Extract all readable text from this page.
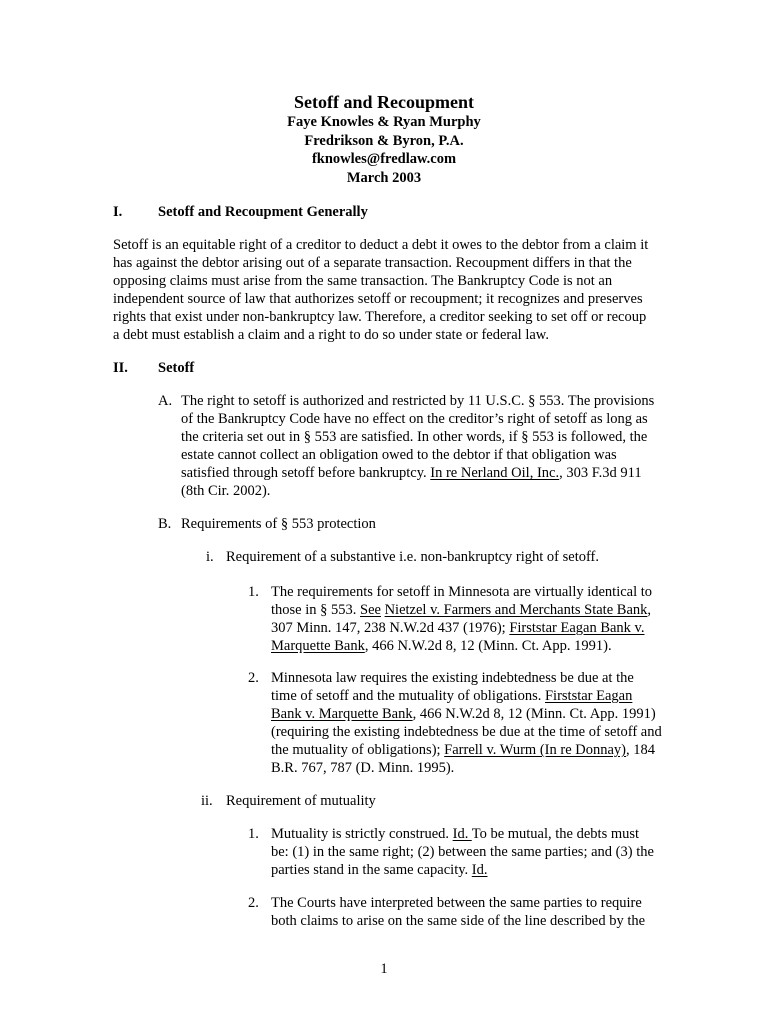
Setoff and Recoupment
Faye Knowles & Ryan Murphy
Fredrikson & Byron, P.A.
fknowles@fredlaw.com
March 2003
I. Setoff and Recoupment Generally
Setoff is an equitable right of a creditor to deduct a debt it owes to the debtor from a claim it
has against the debtor arising out of a separate transaction. Recoupment differs in that the
opposing claims must arise from the same transaction. The Bankruptcy Code is not an
independent source of law that authorizes setoff or recoupment; it recognizes and preserves
rights that exist under non-bankruptcy law. Therefore, a creditor seeking to set off or recoup
a debt must establish a claim and a right to do so under state or federal law.
II. Setoff
A. The right to setoff is authorized and restricted by 11 U.S.C. § 553. The provisions
of the Bankruptcy Code have no effect on the creditor’s right of setoff as long as
the criteria set out in § 553 are satisfied. In other words, if § 553 is followed, the
estate cannot collect an obligation owed to the debtor if that obligation was
satisfied through setoff before bankruptcy. In re Nerland Oil, Inc., 303 F.3d 911
(8th Cir. 2002).
B. Requirements of § 553 protection
i. Requirement of a substantive i.e. non-bankruptcy right of setoff.
1. The requirements for setoff in Minnesota are virtually identical to
those in § 553. See Nietzel v. Farmers and Merchants State Bank,
307 Minn. 147, 238 N.W.2d 437 (1976); Firststar Eagan Bank v.
Marquette Bank, 466 N.W.2d 8, 12 (Minn. Ct. App. 1991).
2. Minnesota law requires the existing indebtedness be due at the
time of setoff and the mutuality of obligations. Firststar Eagan
Bank v. Marquette Bank, 466 N.W.2d 8, 12 (Minn. Ct. App. 1991)
(requiring the existing indebtedness be due at the time of setoff and
the mutuality of obligations); Farrell v. Wurm (In re Donnay), 184
B.R. 767, 787 (D. Minn. 1995).
ii. Requirement of mutuality
1. Mutuality is strictly construed. Id. To be mutual, the debts must
be: (1) in the same right; (2) between the same parties; and (3) the
parties stand in the same capacity. Id.
2. The Courts have interpreted between the same parties to require
both claims to arise on the same side of the line described by the
1
